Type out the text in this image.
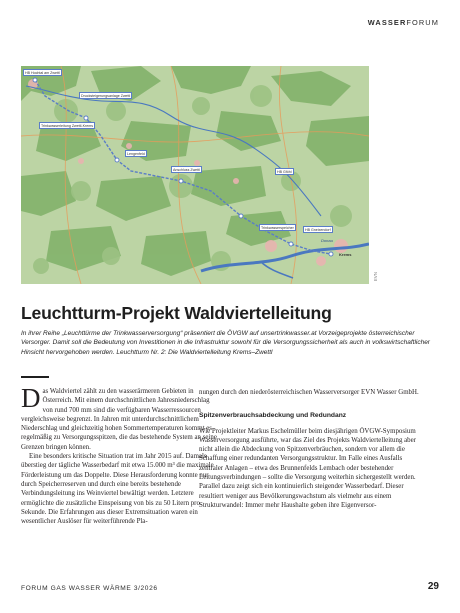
WASSERFORUM
HB Hochtal am Zwettl
Drucksteigerungsanlage Zwettl
Trinkwasserleitung Zwettl-Krems
Lengenfeld
HB Gföhl
Anschluss Zwettl
HB Gneixendorf
Trinkwasserspeicher
Donau
Krems
EVN
Leuchtturm-Projekt Waldviertelleitung

In ihrer Reihe „Leuchttürme der Trinkwasserversorgung“ präsentiert die ÖVGW auf unsertrinkwasser.at Vorzeigeprojekte österreichischer Versorger. Damit soll die Bedeutung von Investitionen in die Infrastruktur sowohl für die Versorgungssicherheit als auch in volkswirtschaftlicher Hinsicht hervorgehoben werden. Leuchtturm Nr. 2: Die Waldviertelleitung Krems–Zwettl

Das Waldviertel zählt zu den wasserärmeren Gebieten in Österreich. Mit einem durchschnittlichen Jahresniederschlag von rund 700 mm sind die verfügbaren Wasserressourcen vergleichsweise begrenzt. In Jahren mit unterdurchschnittlichem Niederschlag und gleichzeitig hohen Sommertemperaturen kommt es regelmäßig zu Versorgungsspitzen, die das bestehende System an seine Grenzen bringen können.

Eine besonders kritische Situation trat im Jahr 2015 auf. Damals überstieg der tägliche Wasserbedarf mit etwa 15.000 m³ die maximale Förderleistung um das Doppelte. Diese Herausforderung konnte nur durch Speicherreserven und durch eine bereits bestehende Verbindungsleitung ins Weinviertel bewältigt werden. Letztere ermöglichte die zusätzliche Einspeisung von bis zu 50 Litern pro Sekunde. Die Erfahrungen aus dieser Extremsituation waren ein wesentlicher Auslöser für weiterführende Pla-

nungen durch den niederösterreichischen Wasserversorger EVN Wasser GmbH.

Spitzenverbrauchsabdeckung und Redundanz

Wie Projektleiter Markus Eschelmüller beim diesjährigen ÖVGW-Symposium Wasserversorgung ausführte, war das Ziel des Projekts Waldviertelleitung aber nicht allein die Abdeckung von Spitzenverbräuchen, sondern vor allem die Schaffung einer redundanten Versorgungsstruktur. Im Falle eines Ausfalls zentraler Anlagen – etwa des Brunnenfelds Lembach oder bestehender Leitungsverbindungen – sollte die Versorgung weiterhin sichergestellt werden. Parallel dazu zeigt sich ein kontinuierlich steigender Wasserbedarf. Dieser resultiert weniger aus Bevölkerungswachstum als vielmehr aus einem Strukturwandel: Immer mehr Haushalte geben ihre Eigenversor-

FORUM GAS WASSER WÄRME 3/2026	29
